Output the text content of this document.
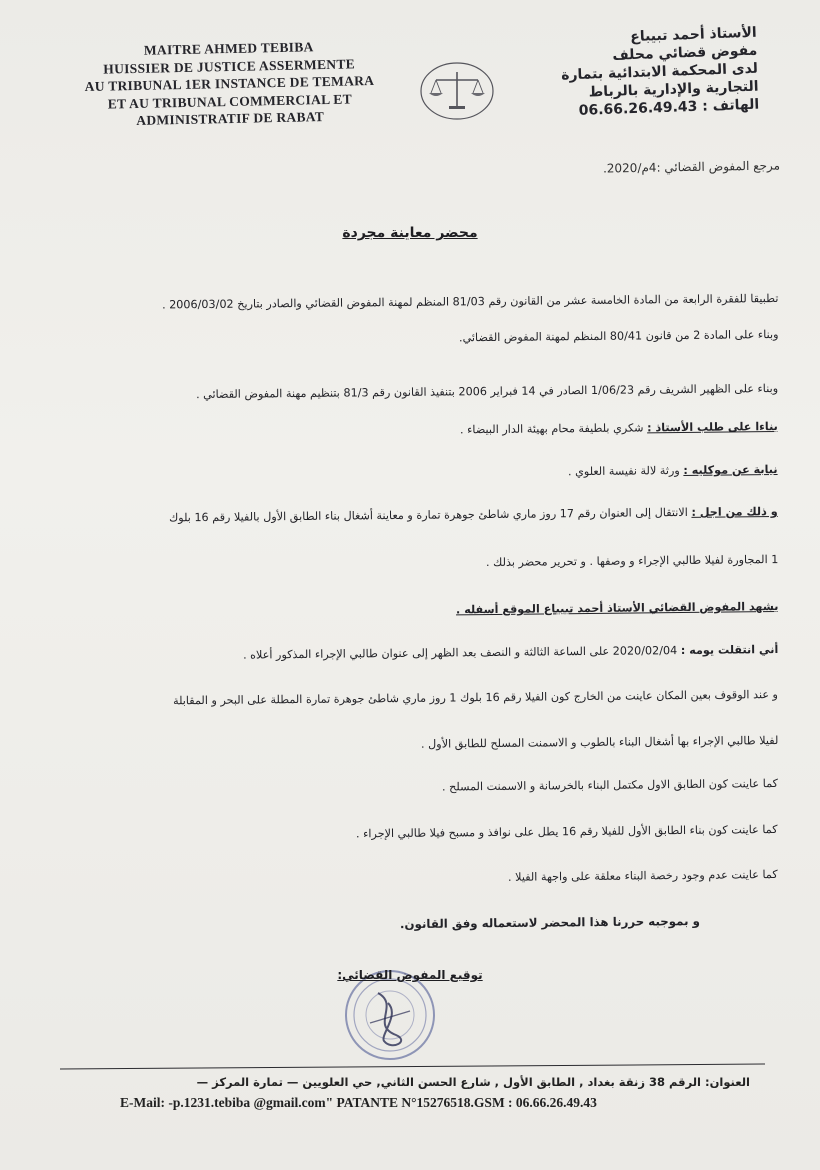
MAITRE AHMED TEBIBA
HUISSIER DE JUSTICE ASSERMENTE
AU TRIBUNAL 1ER INSTANCE DE TEMARA
ET AU TRIBUNAL COMMERCIAL ET
ADMINISTRATIF DE RABAT
الأستاذ أحمد تبيباع
مفوض قضائي محلف
لدى المحكمة الابتدائية بتمارة
التجارية والإدارية بالرباط
الهاتف : 06.66.26.49.43
مرجع المفوض القضائي :4م/2020.
محضر معاينة مجردة
تطبيقا للفقرة الرابعة من المادة الخامسة عشر من القانون رقم 81/03 المنظم لمهنة المفوض القضائي والصادر بتاريخ 2006/03/02 .
وبناء على المادة 2 من قانون 80/41 المنظم لمهنة المفوض القضائي.
وبناء على الظهير الشريف رقم 1/06/23 الصادر في 14 فبراير 2006 بتنفيذ القانون رقم 81/3 بتنظيم مهنة المفوض القضائي .
بناءا على طلب الأستاذ : شكري بلطيفة محام بهيئة الدار البيضاء .
نيابة عن موكليه : ورثة لالة نفيسة العلوي .
و ذلك من اجل : الانتقال إلى العنوان رقم 17 روز ماري شاطئ جوهرة تمارة و معاينة أشغال بناء الطابق الأول بالفيلا رقم 16 بلوك
1 المجاورة لفيلا طالبي الإجراء و وصفها . و تحرير محضر بذلك .
يشهد المفوض القضائي الأستاذ أحمد تبيباع الموقع أسفله .
أني انتقلت يومه : 2020/02/04 على الساعة الثالثة و النصف بعد الظهر إلى عنوان طالبي الإجراء المذكور أعلاه .
و عند الوقوف بعين المكان عاينت من الخارج كون الفيلا رقم 16 بلوك 1 روز ماري شاطئ جوهرة تمارة المطلة على البحر و المقابلة
لفيلا طالبي الإجراء بها أشغال البناء بالطوب و الاسمنت المسلح للطابق الأول .
كما عاينت كون الطابق الاول مكتمل البناء بالخرسانة و الاسمنت المسلح .
كما عاينت كون بناء الطابق الأول للفيلا رقم 16 يطل على نوافذ و مسبح فيلا طالبي الإجراء .
كما عاينت عدم وجود رخصة البناء معلقة على واجهة الفيلا .
و بموجبه حررنا هذا المحضر لاستعماله وفق القانون.
توقيع المفوض القضائي:
العنوان: الرقم 38 زنقة بغداد , الطابق الأول , شارع الحسن الثاني, حي العلويين — تمارة المركز —
E-Mail: -p.1231.tebiba @gmail.com" PATANTE N°15276518.GSM : 06.66.26.49.43
